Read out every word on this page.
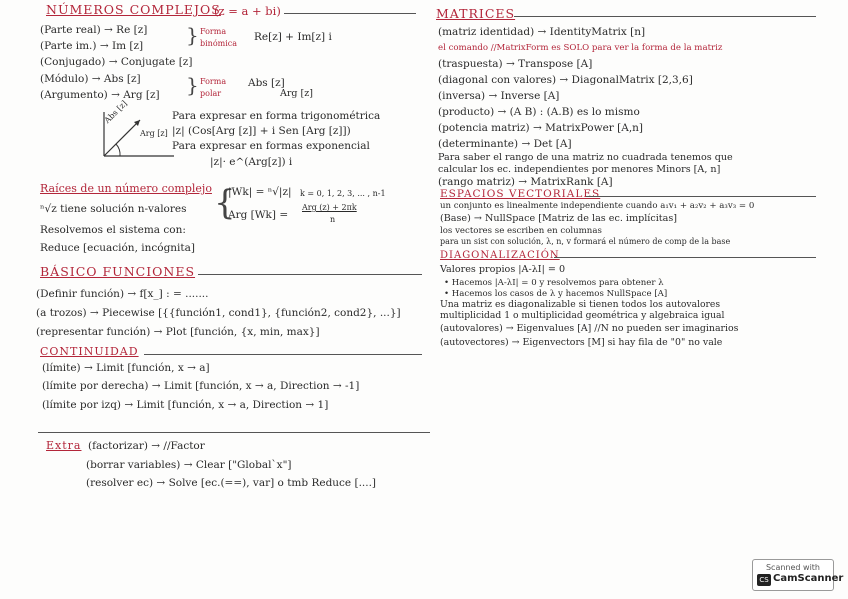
NÚMEROS COMPLEJOS
(z = a + bi)
(Parte real) → Re [z]
(Parte im.) → Im [z] } Forma binómica
Re[z] + Im[z] i
(Conjugado) → Conjugate [z]
(Módulo) → Abs [z]
(Argumento) → Arg [z] } Forma polar
Abs [z]
Arg [z]
Abs [z]
Arg [z]
Para expresar en forma trigonométrica
|z| (Cos[Arg [z]] + i Sen [Arg [z]])
Para expresar en formas exponencial
|z|· e^(Arg[z]) i
Raíces de un número complejo
ⁿ√z tiene solución n-valores {
|Wk| = ⁿ√|z| k = 0, 1, 2, 3, ... , n-1
Arg [Wk] =
Arg (z) + 2πk
n
Resolvemos el sistema con:
Reduce [ecuación, incógnita]
BÁSICO FUNCIONES
(Definir función) → f[x_] : = .......
(a trozos) → Piecewise [{{función1, cond1}, {función2, cond2}, ...}]
(representar función) → Plot [función, {x, min, max}]
CONTINUIDAD
(límite) → Limit [función, x → a]
(límite por derecha) → Limit [función, x → a, Direction → -1]
(límite por izq) → Limit [función, x → a, Direction → 1]
Extra (factorizar) → //Factor
(borrar variables) → Clear ["Global`x"]
(resolver ec) → Solve [ec.(==), var] o tmb Reduce [....]
MATRICES
(matriz identidad) → IdentityMatrix [n]
el comando //MatrixForm es SOLO para ver la forma de la matriz
(traspuesta) → Transpose [A]
(diagonal con valores) → DiagonalMatrix [2,3,6]
(inversa) → Inverse [A]
(producto) → (A B) : (A.B) es lo mismo
(potencia matriz) → MatrixPower [A,n]
(determinante) → Det [A]
Para saber el rango de una matriz no cuadrada tenemos que
calcular los ec. independientes por menores Minors [A, n]
(rango matriz) → MatrixRank [A]
ESPACIOS VECTORIALES
un conjunto es linealmente independiente cuando a₁v₁ + a₂v₂ + a₃v₃ = 0
(Base) → NullSpace [Matriz de las ec. implícitas]
los vectores se escriben en columnas
para un sist con solución, λ, n, v formará el número de comp de la base
DIAGONALIZACIÓN
Valores propios |A-λI| = 0
• Hacemos |A-λI| = 0 y resolvemos para obtener λ
• Hacemos los casos de λ y hacemos NullSpace [A]
Una matriz es diagonalizable si tienen todos los autovalores
multiplicidad 1 o multiplicidad geométrica y algebraica igual
(autovalores) → Eigenvalues [A] //N no pueden ser imaginarios
(autovectores) → Eigenvectors [M] si hay fila de "0" no vale
Scanned with
CS CamScanner
